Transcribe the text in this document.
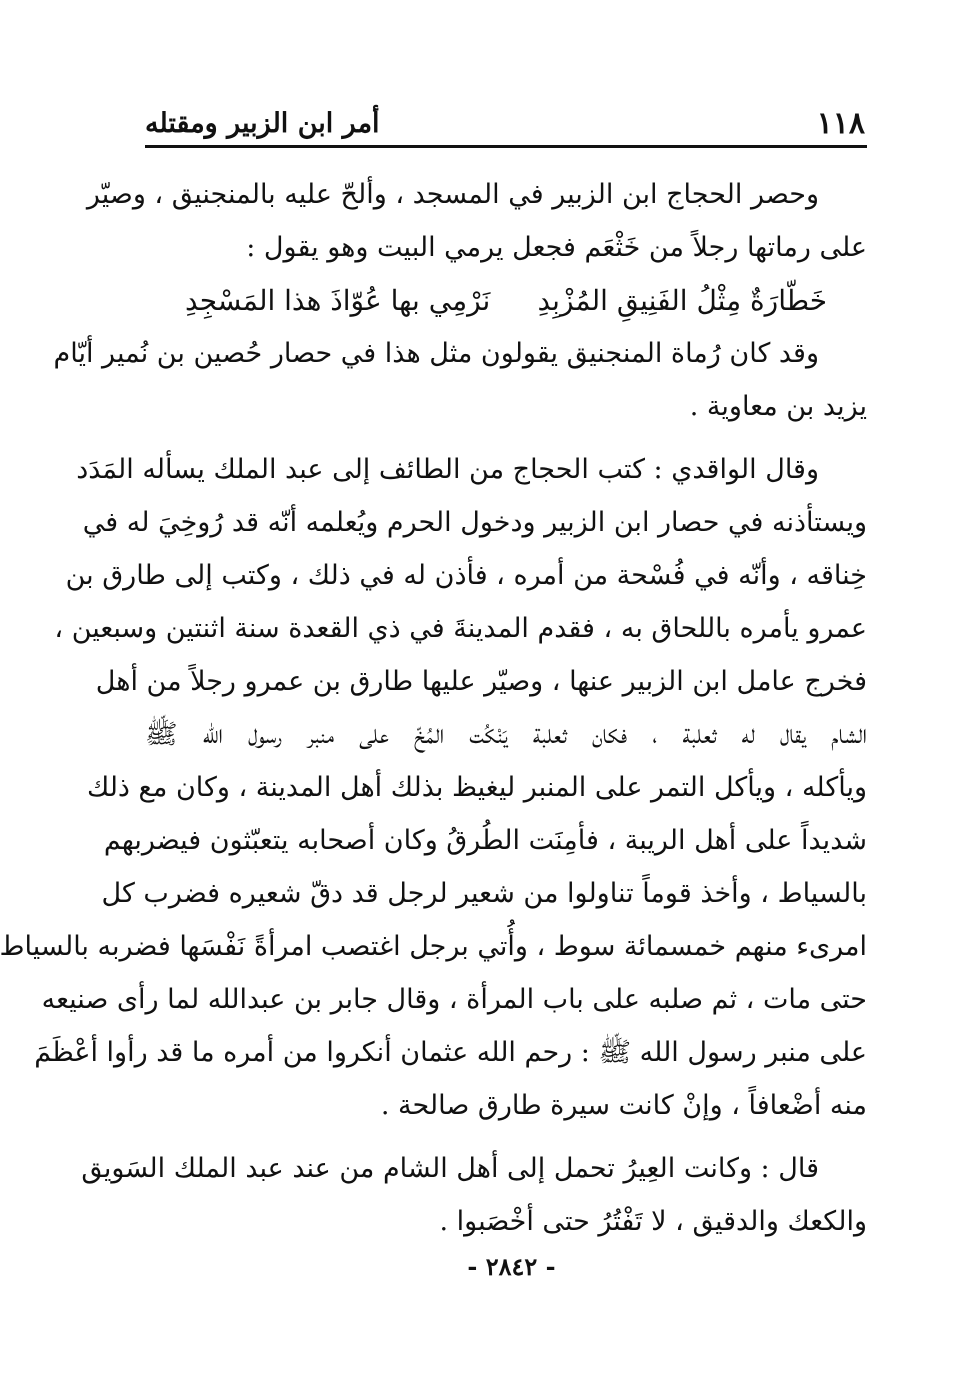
١١٨
أمر ابن الزبير ومقتله
وحصر الحجاج ابن الزبير في المسجد ، وألحّ عليه بالمنجنيق ، وصيّر
على رماتها رجلاً من خَثْعَم فجعل يرمي البيت وهو يقول :
خَطّارَةٌ مِثْلُ الفَنِيقِ المُزْبِدِ
نَرْمِي بها عُوّاذَ هذا المَسْجِدِ
وقد كان رُماة المنجنيق يقولون مثل هذا في حصار حُصين بن نُمير أيّام
يزيد بن معاوية .
وقال الواقدي : كتب الحجاج من الطائف إلى عبد الملك يسأله المَدَد
ويستأذنه في حصار ابن الزبير ودخول الحرم ويُعلمه أنّه قد رُوخِيَ له في
خِناقه ، وأنّه في فُسْحة من أمره ، فأذن له في ذلك ، وكتب إلى طارق بن
عمرو يأمره باللحاق به ، فقدم المدينةَ في ذي القعدة سنة اثنتين وسبعين ،
فخرج عامل ابن الزبير عنها ، وصيّر عليها طارق بن عمرو رجلاً من أهل
الشام يقال له ثعلبة ، فكان ثعلبة يَنْكُت المُخّ على منبر رسول الله ﷺ
ويأكله ، ويأكل التمر على المنبر ليغيظ بذلك أهل المدينة ، وكان مع ذلك
شديداً على أهل الريبة ، فأمِنَت الطُرقُ وكان أصحابه يتعبّثون فيضربهم
بالسياط ، وأخذ قوماً تناولوا من شعير لرجل قد دقّ شعيره فضرب كل
امرىء منهم خمسمائة سوط ، وأُتي برجل اغتصب امرأةً نَفْسَها فضربه بالسياط
حتى مات ، ثم صلبه على باب المرأة ، وقال جابر بن عبدالله لما رأى صنيعه
على منبر رسول الله ﷺ : رحم الله عثمان أنكروا من أمره ما قد رأوا أعْظَمَ
منه أضْعافاً ، وإنْ كانت سيرة طارق صالحة .
قال : وكانت العِيرُ تحمل إلى أهل الشام من عند عبد الملك السَويق
والكعك والدقيق ، لا تَفْتُرُ حتى أخْصَبوا .
- ٢٨٤٢ -
